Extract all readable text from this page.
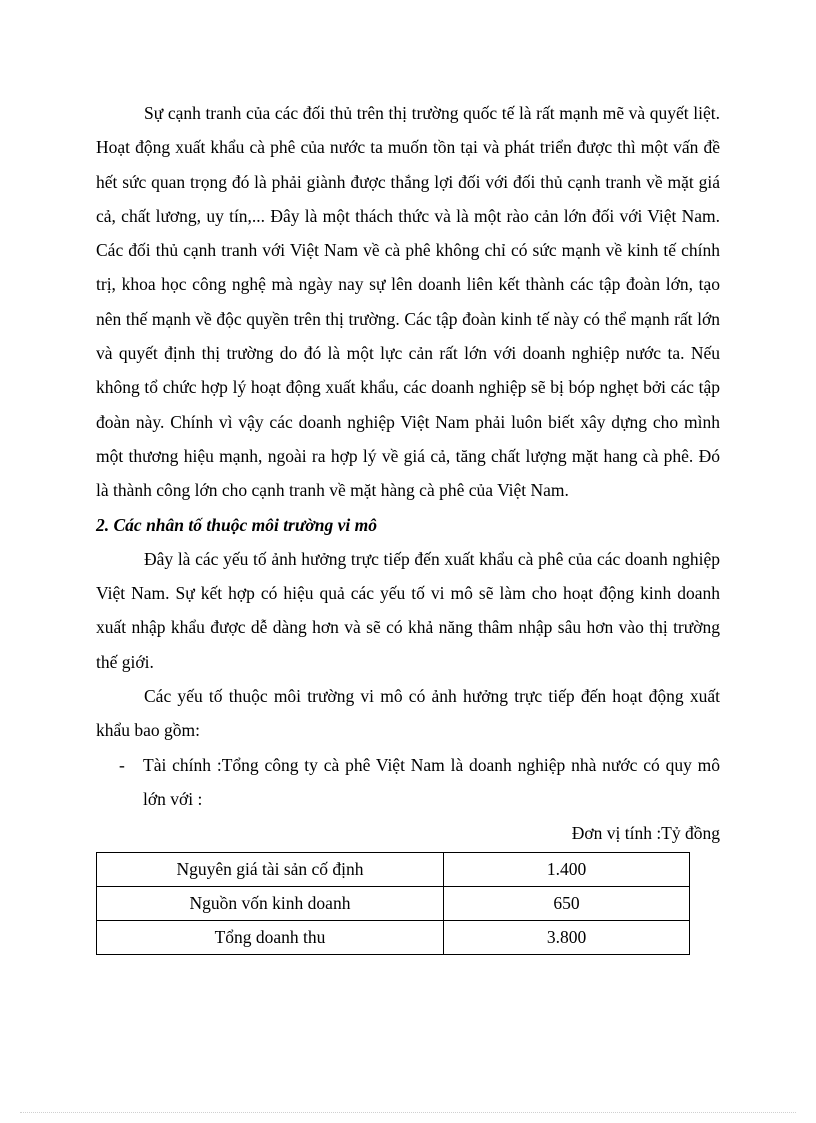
Sự cạnh tranh của các đối thủ trên thị trường quốc tế là rất mạnh mẽ và quyết liệt. Hoạt động xuất khẩu cà phê của nước ta muốn tồn tại và phát triển được thì một vấn đề hết sức quan trọng đó là phải giành được thắng lợi đối với đối thủ cạnh tranh về mặt giá cả, chất lương, uy tín,... Đây là một thách thức và là một rào cản lớn đối với Việt Nam. Các đối thủ cạnh tranh với Việt Nam về cà phê không chỉ có sức mạnh về kinh tế chính trị, khoa học công nghệ mà ngày nay sự lên doanh liên kết thành các tập đoàn lớn, tạo nên thế mạnh về độc quyền trên thị trường. Các tập đoàn kinh tế này có thể mạnh rất lớn và quyết định thị trường do đó là một lực cản rất lớn với doanh nghiệp nước ta. Nếu không tổ chức hợp lý hoạt động xuất khẩu, các doanh nghiệp sẽ bị bóp nghẹt bởi các tập đoàn này. Chính vì vậy các doanh nghiệp Việt Nam phải luôn biết xây dựng cho mình một thương hiệu mạnh, ngoài ra hợp lý về giá cả, tăng chất lượng mặt hang cà phê. Đó là thành công lớn cho cạnh tranh về mặt hàng cà phê của Việt Nam.

2. Các nhân tố thuộc môi trường vi mô

Đây là các yếu tố ảnh hưởng trực tiếp đến xuất khẩu cà phê của các doanh nghiệp Việt Nam. Sự kết hợp có hiệu quả các yếu tố vi mô sẽ làm cho hoạt động kinh doanh xuất nhập khẩu được dễ dàng hơn và sẽ có khả năng thâm nhập sâu hơn vào thị trường thế giới.

Các yếu tố thuộc môi trường vi mô có ảnh hưởng trực tiếp đến hoạt động xuất khẩu bao gồm:

-	Tài chính :Tổng công ty cà phê Việt Nam là doanh nghiệp nhà nước có quy mô lớn với :

Đơn vị tính :Tỷ đồng

Nguyên giá tài sản cố định	1.400
Nguồn vốn kinh doanh	650
Tổng doanh thu	3.800
